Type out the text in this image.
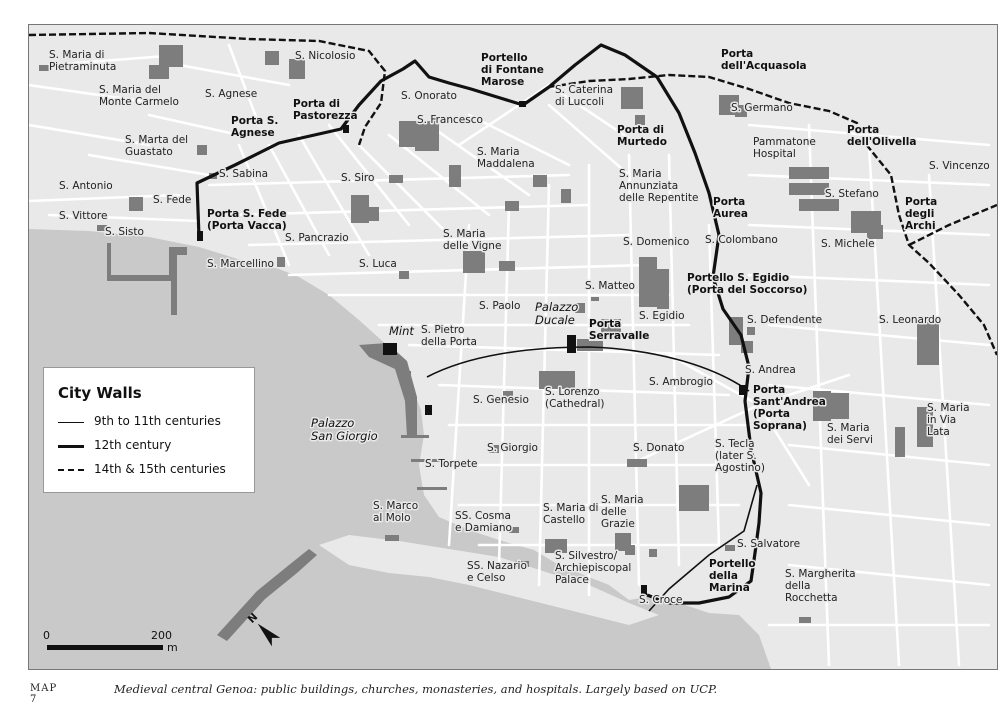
S. Maria di Pietraminuta
S. Maria del Monte Carmelo
S. Nicolosio
S. Agnese
Porta S. Agnese
Porta di Pastorezza
S. Onorato
Portello di Fontane Marose
S. Caterina di Luccoli
Porta dell'Acquasola
S. Germano
S. Marta del Guastato
S. Francesco
S. Maria Maddalena
Porta di Murtedo	Pammatone Hospital
Porta dell'Olivella
S. Vincenzo
S. Antonio
S. Sabina	S. Siro	S. Maria Annunziata delle Repentite
S. Fede
S. Vittore
S. Sisto
Porta S. Fede (Porta Vacca)
Porta Aurea
S. Stefano
Porta degli Archi
S. Pancrazio	S. Maria delle Vigne	S. Colombano
S. Domenico	S. Michele
S. Marcellino	S. Luca
Portello S. Egidio (Porta del Soccorso)
S. Matteo
S. Paolo Palazzo Ducale	S. Egidio	S. Defendente	S. Leonardo
Mint S. Pietro della Porta
Porta Serravalle
S. Andrea
S. Ambrogio
S. Lorenzo (Cathedral)
S. Genesio
Porta Sant'Andrea (Porta Soprana)	S. Maria dei Servi
S. Maria in Via Lata
Palazzo San Giorgio
S. Giorgio	S. Donato	S. Tecla (later S. Agostino)
S. Torpete
S. Marco al Molo	SS. Cosma e Damiano
S. Maria di Castello
S. Maria delle Grazie
S. Salvatore
SS. Nazario e Celso
S. Silvestro/ Archiepiscopal Palace
Portello della Marina
S. Margherita della Rocchetta
S. Croce
N
City Walls
9th to 11th centuries
12th century
14th & 15th centuries
0	200
m
MAP 7
Medieval central Genoa: public buildings, churches, monasteries, and hospitals. Largely based on UCP.
